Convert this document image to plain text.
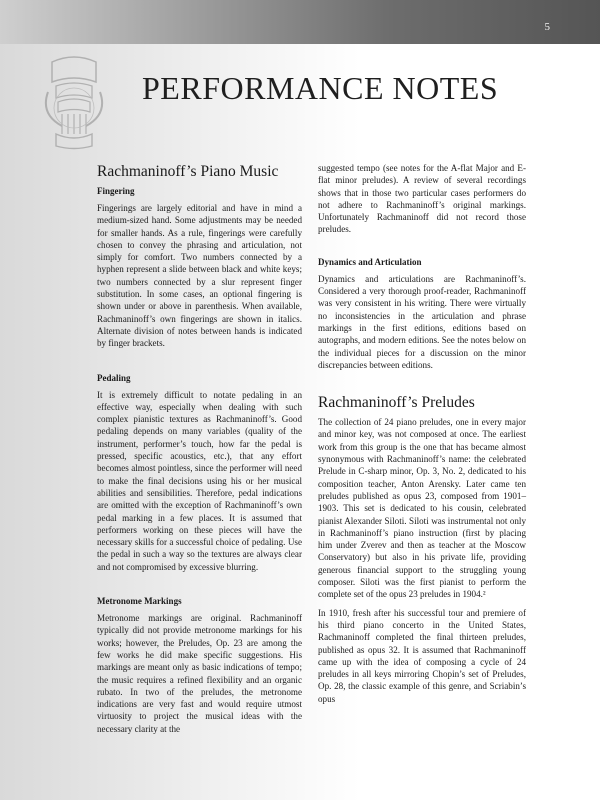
5
PERFORMANCE NOTES
Rachmaninoff’s Piano Music
Fingering

Fingerings are largely editorial and have in mind a medium-sized hand. Some adjustments may be needed for smaller hands. As a rule, fingerings were carefully chosen to convey the phrasing and articulation, not simply for comfort. Two numbers connected by a hyphen represent a slide between black and white keys; two numbers connected by a slur represent finger substitution. In some cases, an optional fingering is shown under or above in parenthesis. When available, Rachmaninoff’s own fingerings are shown in italics. Alternate division of notes between hands is indicated by finger brackets.

Pedaling

It is extremely difficult to notate pedaling in an effective way, especially when dealing with such complex pianistic textures as Rachmaninoff’s. Good pedaling depends on many variables (quality of the instrument, performer’s touch, how far the pedal is pressed, specific acoustics, etc.), that any effort becomes almost pointless, since the performer will need to make the final decisions using his or her musical abilities and sensibilities. Therefore, pedal indications are omitted with the exception of Rachmaninoff’s own pedal marking in a few places. It is assumed that performers working on these pieces will have the necessary skills for a successful choice of pedaling. Use the pedal in such a way so the textures are always clear and not compromised by excessive blurring.

Metronome Markings

Metronome markings are original. Rachmaninoff typically did not provide metronome markings for his works; however, the Preludes, Op. 23 are among the few works he did make specific suggestions. His markings are meant only as basic indications of tempo; the music requires a refined flexibility and an organic rubato. In two of the preludes, the metronome indications are very fast and would require utmost virtuosity to project the musical ideas with the necessary clarity at the

suggested tempo (see notes for the A-flat Major and E-flat minor preludes). A review of several recordings shows that in those two particular cases performers do not adhere to Rachmaninoff’s original markings. Unfortunately Rachmaninoff did not record those preludes.

Dynamics and Articulation

Dynamics and articulations are Rachmaninoff’s. Considered a very thorough proof-reader, Rachmaninoff was very consistent in his writing. There were virtually no inconsistencies in the articulation and phrase markings in the first editions, editions based on autographs, and modern editions. See the notes below on the individual pieces for a discussion on the minor discrepancies between editions.

Rachmaninoff’s Preludes

The collection of 24 piano preludes, one in every major and minor key, was not composed at once. The earliest work from this group is the one that has became almost synonymous with Rachmaninoff’s name: the celebrated Prelude in C-sharp minor, Op. 3, No. 2, dedicated to his composition teacher, Anton Arensky. Later came ten preludes published as opus 23, composed from 1901–1903. This set is dedicated to his cousin, celebrated pianist Alexander Siloti. Siloti was instrumental not only in Rachmaninoff’s piano instruction (first by placing him under Zverev and then as teacher at the Moscow Conservatory) but also in his private life, providing generous financial support to the struggling young composer. Siloti was the first pianist to perform the complete set of the opus 23 preludes in 1904.²

In 1910, fresh after his successful tour and premiere of his third piano concerto in the United States, Rachmaninoff completed the final thirteen preludes, published as opus 32. It is assumed that Rachmaninoff came up with the idea of composing a cycle of 24 preludes in all keys mirroring Chopin’s set of Preludes, Op. 28, the classic example of this genre, and Scriabin’s opus
